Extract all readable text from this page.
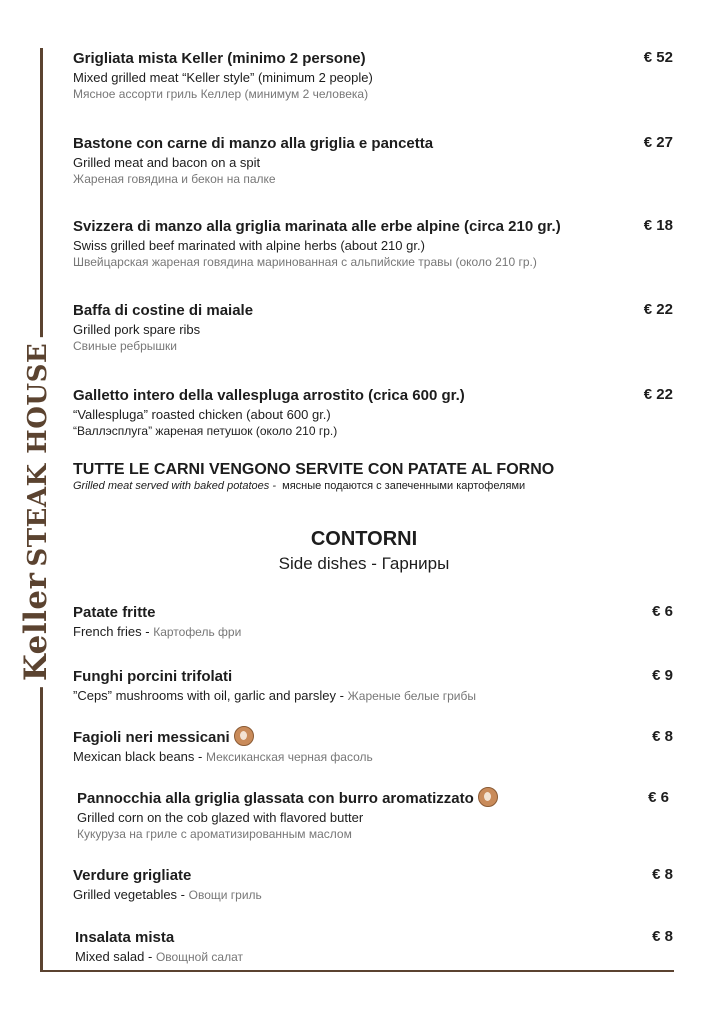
KellerSTEAK HOUSE
Grigliata mista Keller (minimo 2 persone)
Mixed grilled meat “Keller style” (minimum 2 people)
Мясное ассорти гриль Келлер (минимум 2 человека)
€ 52
Bastone con carne di manzo alla griglia e pancetta
Grilled meat and bacon on a spit
Жареная говядина и бекон на палке
€ 27
Svizzera di manzo alla griglia marinata alle erbe alpine (circa 210 gr.)
Swiss grilled beef marinated with alpine herbs (about 210 gr.)
Швейцарская жареная говядина маринованная с альпийские травы (около 210 гр.)
€ 18
Baffa di costine di maiale
Grilled pork spare ribs
Свиные ребрышки
€ 22
Galletto intero della vallespluga arrostito (crica 600 gr.)
“Vallespluga” roasted chicken (about 600 gr.)
“Валлэсплуга” жареная петушок (около 210 гр.)
€ 22
TUTTE LE CARNI VENGONO SERVITE CON PATATE AL FORNO
Grilled meat served with baked potatoes - мясные подаются с запеченными картофелями
CONTORNI
Side dishes - Гарниры
Patate fritte
French fries - Картофель фри
€ 6
Funghi porcini trifolati
”Ceps” mushrooms with oil, garlic and parsley - Жареные белые грибы
€ 9
Fagioli neri messicani
Mexican black beans - Мексиканская черная фасоль
€ 8
Pannocchia alla griglia glassata con burro aromatizzato
Grilled corn on the cob glazed with flavored butter
Кукуруза на гриле с ароматизированным маслом
€ 6
Verdure grigliate
Grilled vegetables - Овощи гриль
€ 8
Insalata mista
Mixed salad - Овощной салат
€ 8
